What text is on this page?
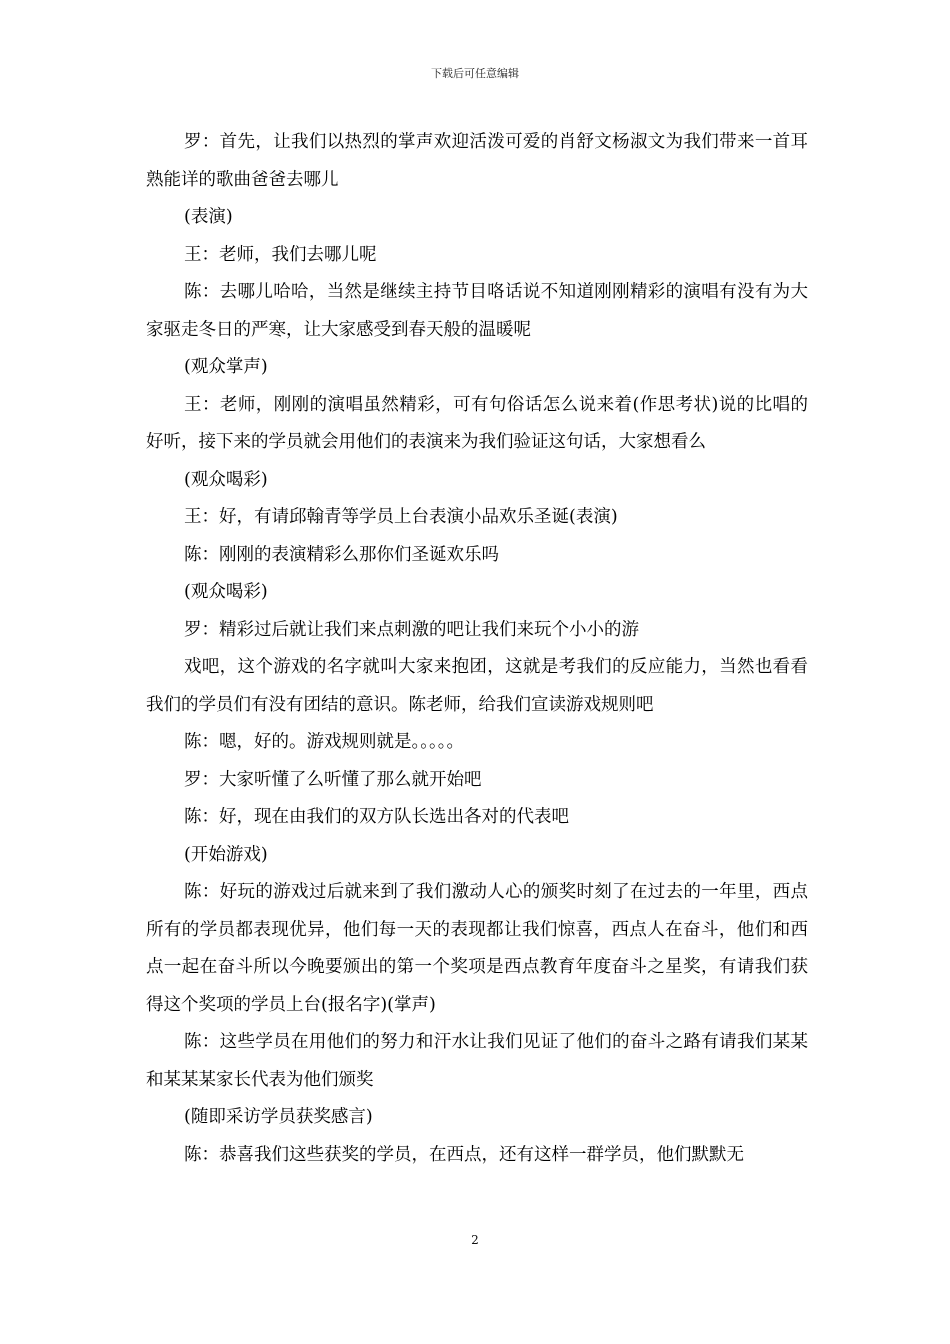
下载后可任意编辑

罗：首先，让我们以热烈的掌声欢迎活泼可爱的肖舒文杨淑文为我们带来一首耳熟能详的歌曲爸爸去哪儿

(表演)

王：老师，我们去哪儿呢

陈：去哪儿哈哈，当然是继续主持节目咯话说不知道刚刚精彩的演唱有没有为大家驱走冬日的严寒，让大家感受到春天般的温暖呢

(观众掌声)

王：老师，刚刚的演唱虽然精彩，可有句俗话怎么说来着(作思考状)说的比唱的好听，接下来的学员就会用他们的表演来为我们验证这句话，大家想看么

(观众喝彩)

王：好，有请邱翰青等学员上台表演小品欢乐圣诞(表演)

陈：刚刚的表演精彩么那你们圣诞欢乐吗

(观众喝彩)

罗：精彩过后就让我们来点刺激的吧让我们来玩个小小的游

戏吧，这个游戏的名字就叫大家来抱团，这就是考我们的反应能力，当然也看看我们的学员们有没有团结的意识。陈老师，给我们宣读游戏规则吧

陈：嗯，好的。游戏规则就是。。。。。

罗：大家听懂了么听懂了那么就开始吧

陈：好，现在由我们的双方队长选出各对的代表吧

(开始游戏)

陈：好玩的游戏过后就来到了我们激动人心的颁奖时刻了在过去的一年里，西点所有的学员都表现优异，他们每一天的表现都让我们惊喜，西点人在奋斗，他们和西点一起在奋斗所以今晚要颁出的第一个奖项是西点教育年度奋斗之星奖，有请我们获得这个奖项的学员上台(报名字)(掌声)

陈：这些学员在用他们的努力和汗水让我们见证了他们的奋斗之路有请我们某某和某某某家长代表为他们颁奖

(随即采访学员获奖感言)

陈：恭喜我们这些获奖的学员，在西点，还有这样一群学员，他们默默无

2
